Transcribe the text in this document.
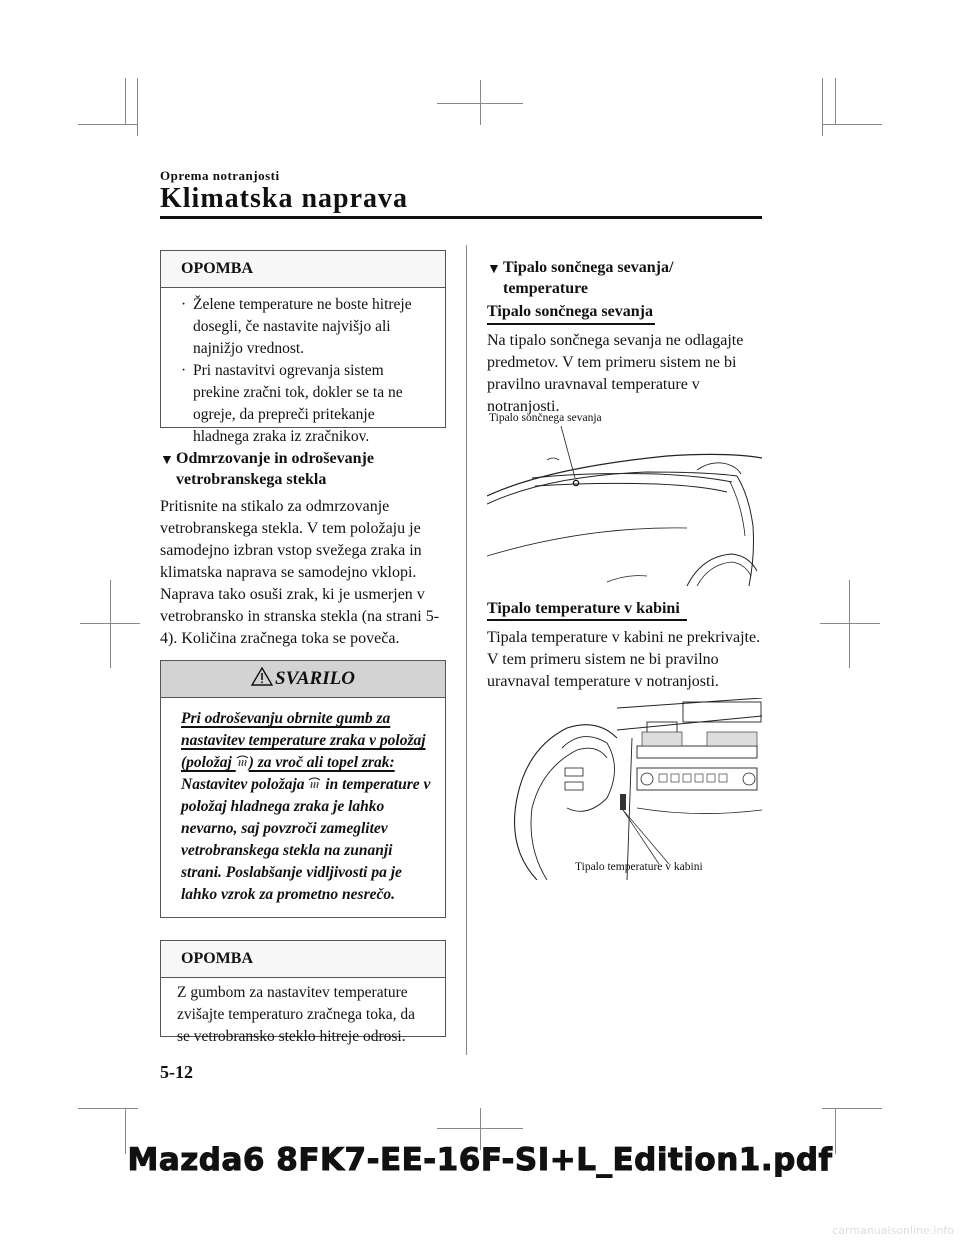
Oprema notranjosti
Klimatska naprava
OPOMBA
· Želene temperature ne boste hitreje dosegli, če nastavite najvišjo ali najnižjo vrednost.
· Pri nastavitvi ogrevanja sistem prekine zračni tok, dokler se ta ne ogreje, da prepreči pritekanje hladnega zraka iz zračnikov.
▼ Odmrzovanje in odroševanje
vetrobranskega stekla
Pritisnite na stikalo za odmrzovanje vetrobranskega stekla. V tem položaju je samodejno izbran vstop svežega zraka in klimatska naprava se samodejno vklopi. Naprava tako osuši zrak, ki je usmerjen v vetrobransko in stranska stekla (na strani 5-4). Količina zračnega toka se poveča.
SVARILO
Pri odroševanju obrnite gumb za nastavitev temperature zraka v položaj (položaj ) za vroč ali topel zrak:
Nastavitev položaja  in temperature v položaj hladnega zraka je lahko nevarno, saj povzroči zameglitev vetrobranskega stekla na zunanji strani. Poslabšanje vidljivosti pa je lahko vzrok za prometno nesrečo.
OPOMBA
Z gumbom za nastavitev temperature zvišajte temperaturo zračnega toka, da se vetrobransko steklo hitreje odrosi.
▼ Tipalo sončnega sevanja/
temperature
Tipalo sončnega sevanja
Na tipalo sončnega sevanja ne odlagajte predmetov. V tem primeru sistem ne bi pravilno uravnaval temperature v notranjosti.
Tipalo sončnega sevanja
Tipalo temperature v kabini
Tipala temperature v kabini ne prekrivajte. V tem primeru sistem ne bi pravilno uravnaval temperature v notranjosti.
Tipalo temperature v kabini
5-12
Mazda6 8FK7-EE-16F-SI+L_Edition1.pdf
carmanualsonline.info
